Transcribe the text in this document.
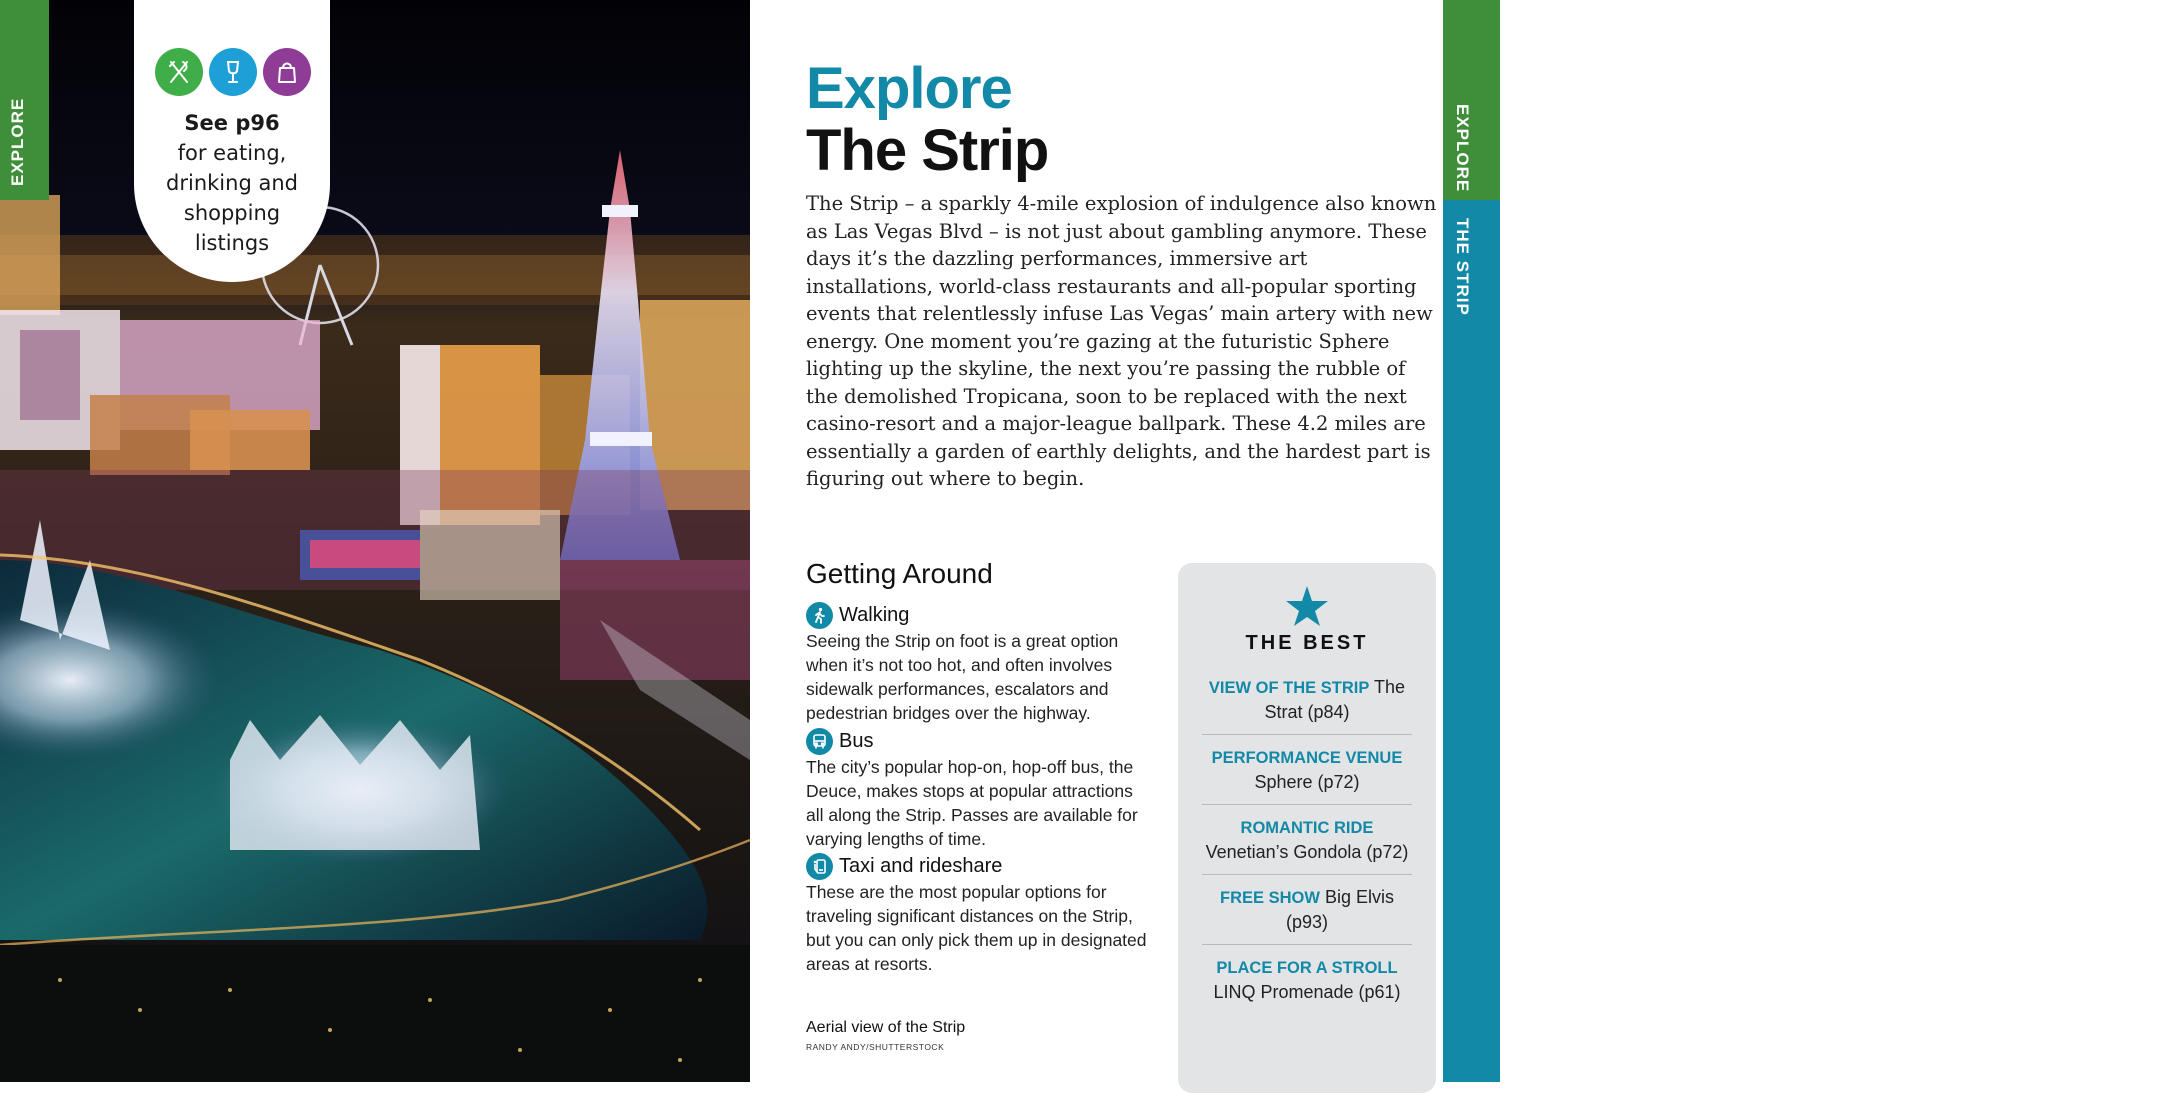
EXPLORE	See p96
for eating,
drinking and
shopping
listings
EXPLORE
THE STRIP
45
Explore
The Strip

The Strip – a sparkly 4-mile explosion of indulgence also known as Las Vegas Blvd – is not just about gambling anymore. These days it’s the dazzling performances, immersive art installations, world-class restaurants and all-popular sporting events that relentlessly infuse Las Vegas’ main artery with new energy. One moment you’re gazing at the futuristic Sphere lighting up the skyline, the next you’re passing the rubble of the demolished Tropicana, soon to be replaced with the next casino-resort and a major-league ballpark. These 4.2 miles are essentially a garden of earthly delights, and the hardest part is figuring out where to begin.

Getting Around
Walking
Seeing the Strip on foot is a great option when it’s not too hot, and often involves sidewalk performances, escalators and pedestrian bridges over the highway.
Bus
The city’s popular hop-on, hop-off bus, the Deuce, makes stops at popular attractions all along the Strip. Passes are available for varying lengths of time.
Taxi and rideshare
These are the most popular options for traveling significant distances on the Strip, but you can only pick them up in designated areas at resorts.
Aerial view of the Strip
RANDY ANDY/SHUTTERSTOCK
THE BEST
VIEW OF THE STRIP The Strat (p84)
PERFORMANCE VENUE
Sphere (p72)
ROMANTIC RIDE Venetian’s Gondola (p72)
FREE SHOW Big Elvis (p93)
PLACE FOR A STROLL LINQ Promenade (p61)
